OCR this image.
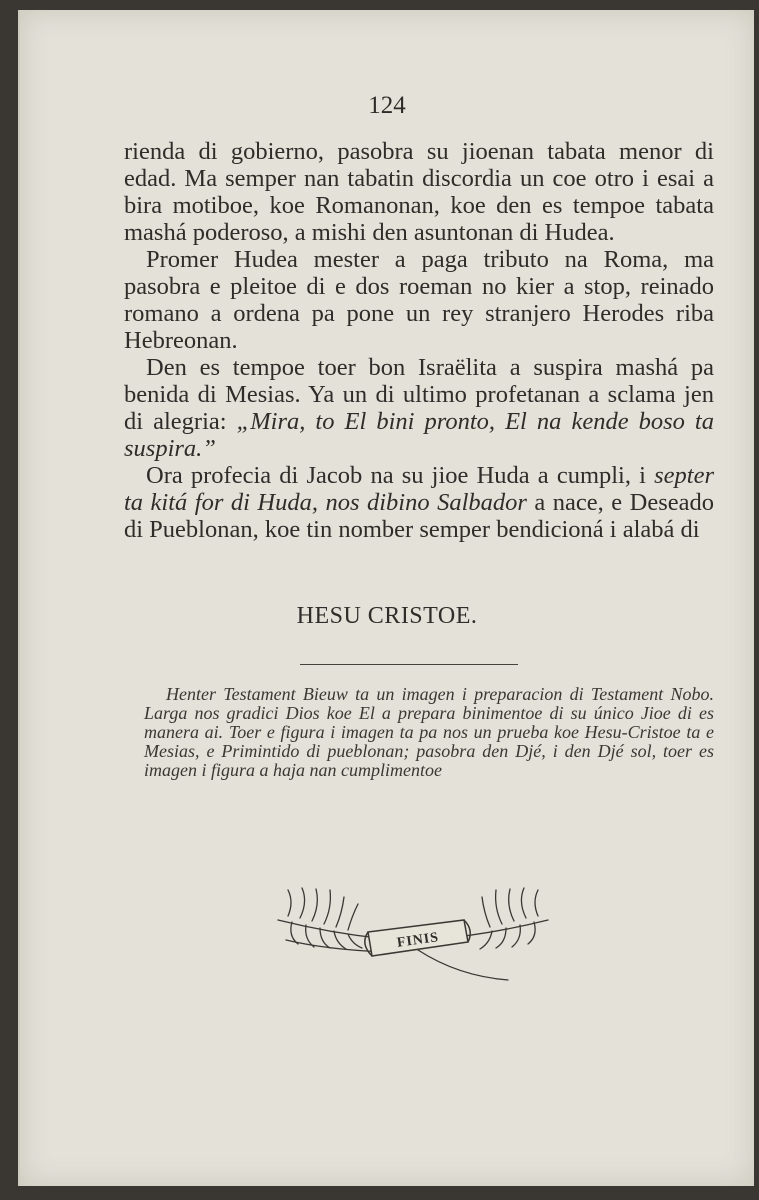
124

rienda di gobierno, pasobra su jioenan tabata menor di edad. Ma semper nan tabatin discordia un coe otro i esai a bira motiboe, koe Romanonan, koe den es tempoe tabata mashá poderoso, a mishi den asuntonan di Hudea.

Promer Hudea mester a paga tributo na Roma, ma pasobra e pleitoe di e dos roeman no kier a stop, reinado romano a ordena pa pone un rey stranjero Herodes riba Hebreonan.

Den es tempoe toer bon Israëlita a suspira mashá pa benida di Mesias. Ya un di ultimo profetanan a sclama jen di alegria: „Mira, to El bini pronto, El na kende boso ta suspira.”

Ora profecia di Jacob na su jioe Huda a cumpli, i septer ta kitá for di Huda, nos dibino Salbador a nace, e Deseado di Pueblonan, koe tin nomber semper bendicioná i alabá di

HESU CRISTOE.

Henter Testament Bieuw ta un imagen i preparacion di Testament Nobo. Larga nos gradici Dios koe El a prepara binimentoe di su único Jioe di es manera ai. Toer e figura i imagen ta pa nos un prueba koe Hesu-Cristoe ta e Mesias, e Primintido di pueblonan; pasobra den Djé, i den Djé sol, toer es imagen i figura a haja nan cumplimentoe

FINIS
